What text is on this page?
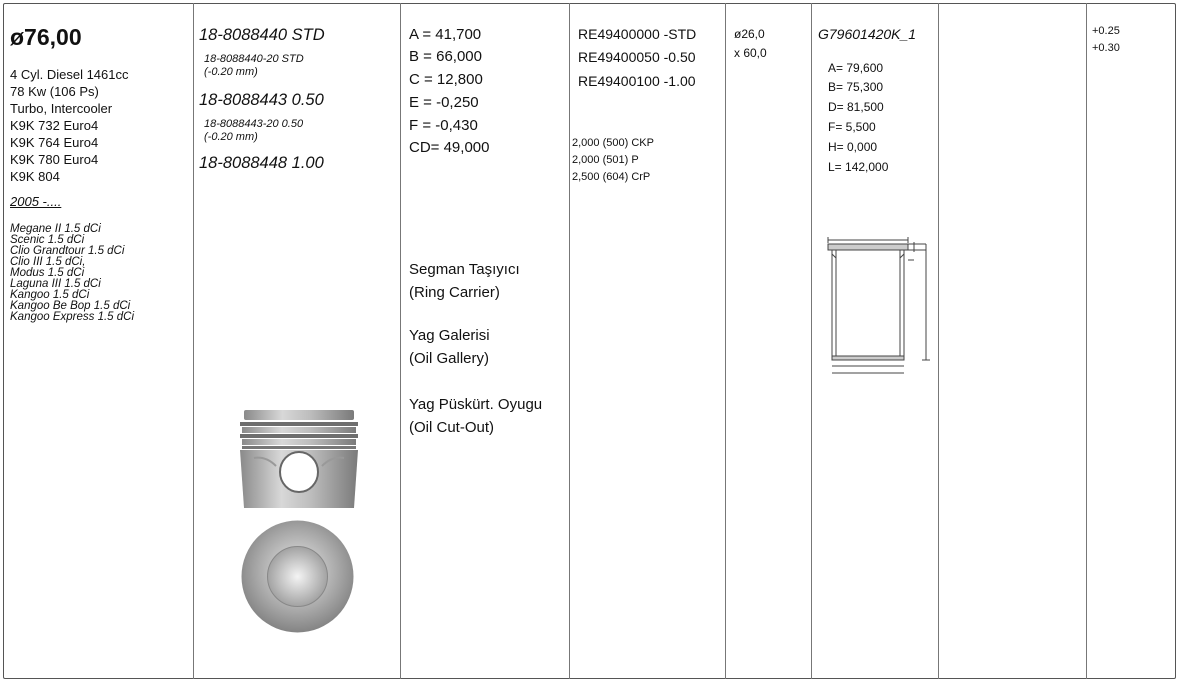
ø76,00
4 Cyl. Diesel 1461cc
78 Kw (106 Ps)
Turbo, Intercooler
K9K 732 Euro4
K9K 764 Euro4
K9K 780 Euro4
K9K 804
2005 -....
Megane II 1.5 dCi
Scenic 1.5 dCi
Clio Grandtour 1.5 dCi
Clio III 1.5 dCi,
Modus 1.5 dCi
Laguna III 1.5 dCi
Kangoo 1.5 dCi
Kangoo Be Bop 1.5 dCi
Kangoo Express 1.5 dCi
18-8088440 STD
18-8088440-20 STD
(-0.20 mm)
18-8088443 0.50
18-8088443-20 0.50
(-0.20 mm)
18-8088448 1.00
A = 41,700
B = 66,000
C = 12,800
E = -0,250
F = -0,430
CD= 49,000
Segman Taşıyıcı
(Ring Carrier)
Yag Galerisi
(Oil Gallery)
Yag Püskürt. Oyugu
(Oil Cut-Out)
RE49400000 -STD
RE49400050 -0.50
RE49400100 -1.00
2,000 (500) CKP
2,000 (501) P
2,500 (604) CrP
ø26,0
x 60,0
G79601420K_1
A= 79,600
B= 75,300
D= 81,500
F= 5,500
H= 0,000
L= 142,000
+0.25
+0.30
